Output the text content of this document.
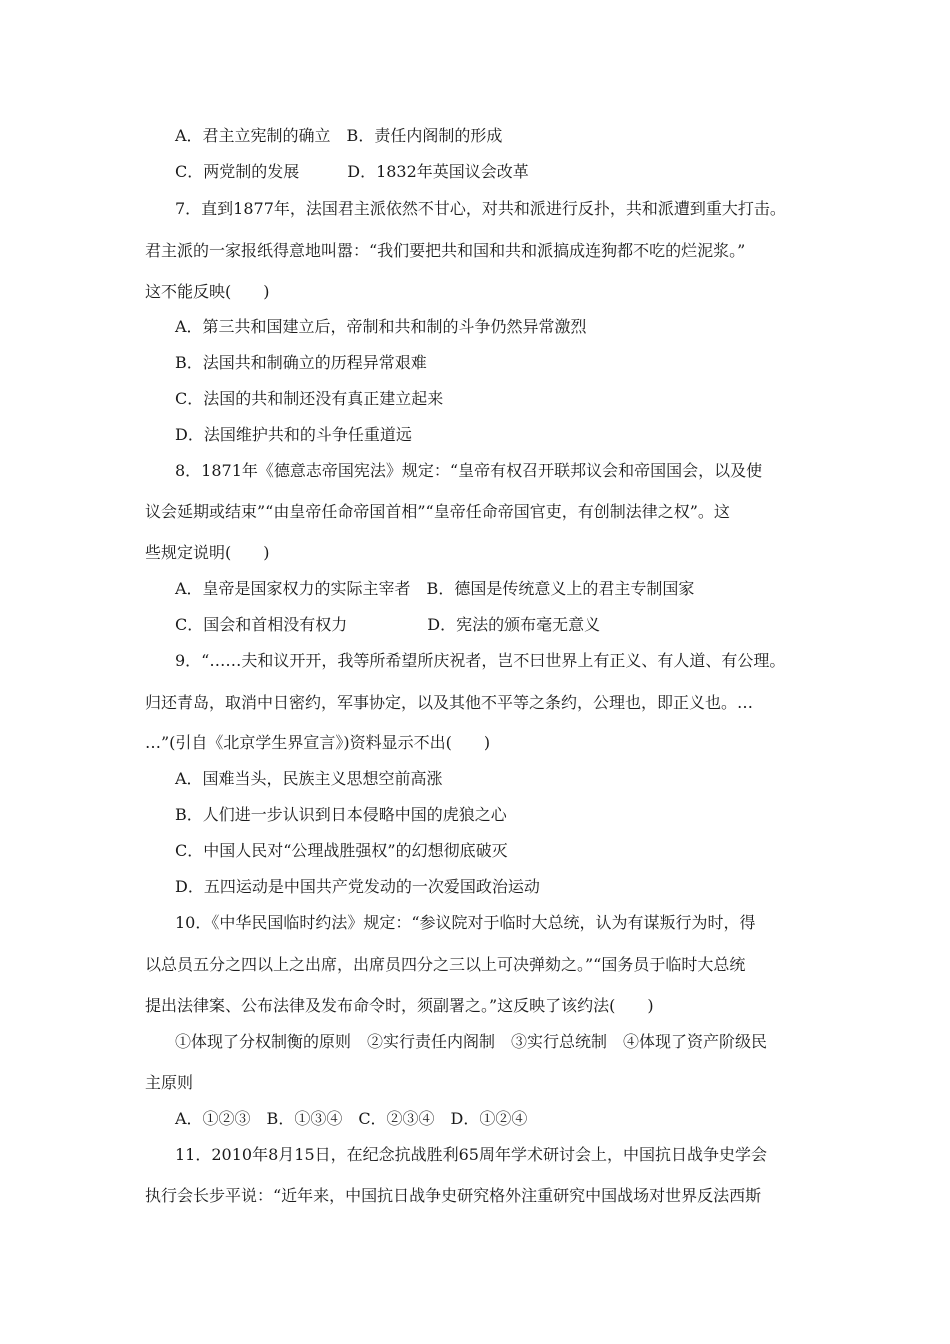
A．君主立宪制的确立　B．责任内阁制的形成
C．两党制的发展　　　D．1832年英国议会改革
7．直到1877年，法国君主派依然不甘心，对共和派进行反扑，共和派遭到重大打击。
君主派的一家报纸得意地叫嚣：“我们要把共和国和共和派搞成连狗都不吃的烂泥浆。”
这不能反映(　　)
A．第三共和国建立后，帝制和共和制的斗争仍然异常激烈
B．法国共和制确立的历程异常艰难
C．法国的共和制还没有真正建立起来
D．法国维护共和的斗争任重道远
8．1871年《德意志帝国宪法》规定：“皇帝有权召开联邦议会和帝国国会，以及使
议会延期或结束”“由皇帝任命帝国首相”“皇帝任命帝国官吏，有创制法律之权”。这
些规定说明(　　)
A．皇帝是国家权力的实际主宰者　B．德国是传统意义上的君主专制国家
C．国会和首相没有权力　　　　　D．宪法的颁布毫无意义
9．“……夫和议开开，我等所希望所庆祝者，岂不曰世界上有正义、有人道、有公理。
归还青岛，取消中日密约，军事协定，以及其他不平等之条约，公理也，即正义也。…
…”(引自《北京学生界宣言》)资料显示不出(　　)
A．国难当头，民族主义思想空前高涨
B．人们进一步认识到日本侵略中国的虎狼之心
C．中国人民对“公理战胜强权”的幻想彻底破灭
D．五四运动是中国共产党发动的一次爱国政治运动
10．《中华民国临时约法》规定：“参议院对于临时大总统，认为有谋叛行为时，得
以总员五分之四以上之出席，出席员四分之三以上可决弹劾之。”“国务员于临时大总统
提出法律案、公布法律及发布命令时，须副署之。”这反映了该约法(　　)
①体现了分权制衡的原则　②实行责任内阁制　③实行总统制　④体现了资产阶级民
主原则
A．①②③　B．①③④　C．②③④　D．①②④
11．2010年8月15日，在纪念抗战胜利65周年学术研讨会上，中国抗日战争史学会
执行会长步平说：“近年来，中国抗日战争史研究格外注重研究中国战场对世界反法西斯
